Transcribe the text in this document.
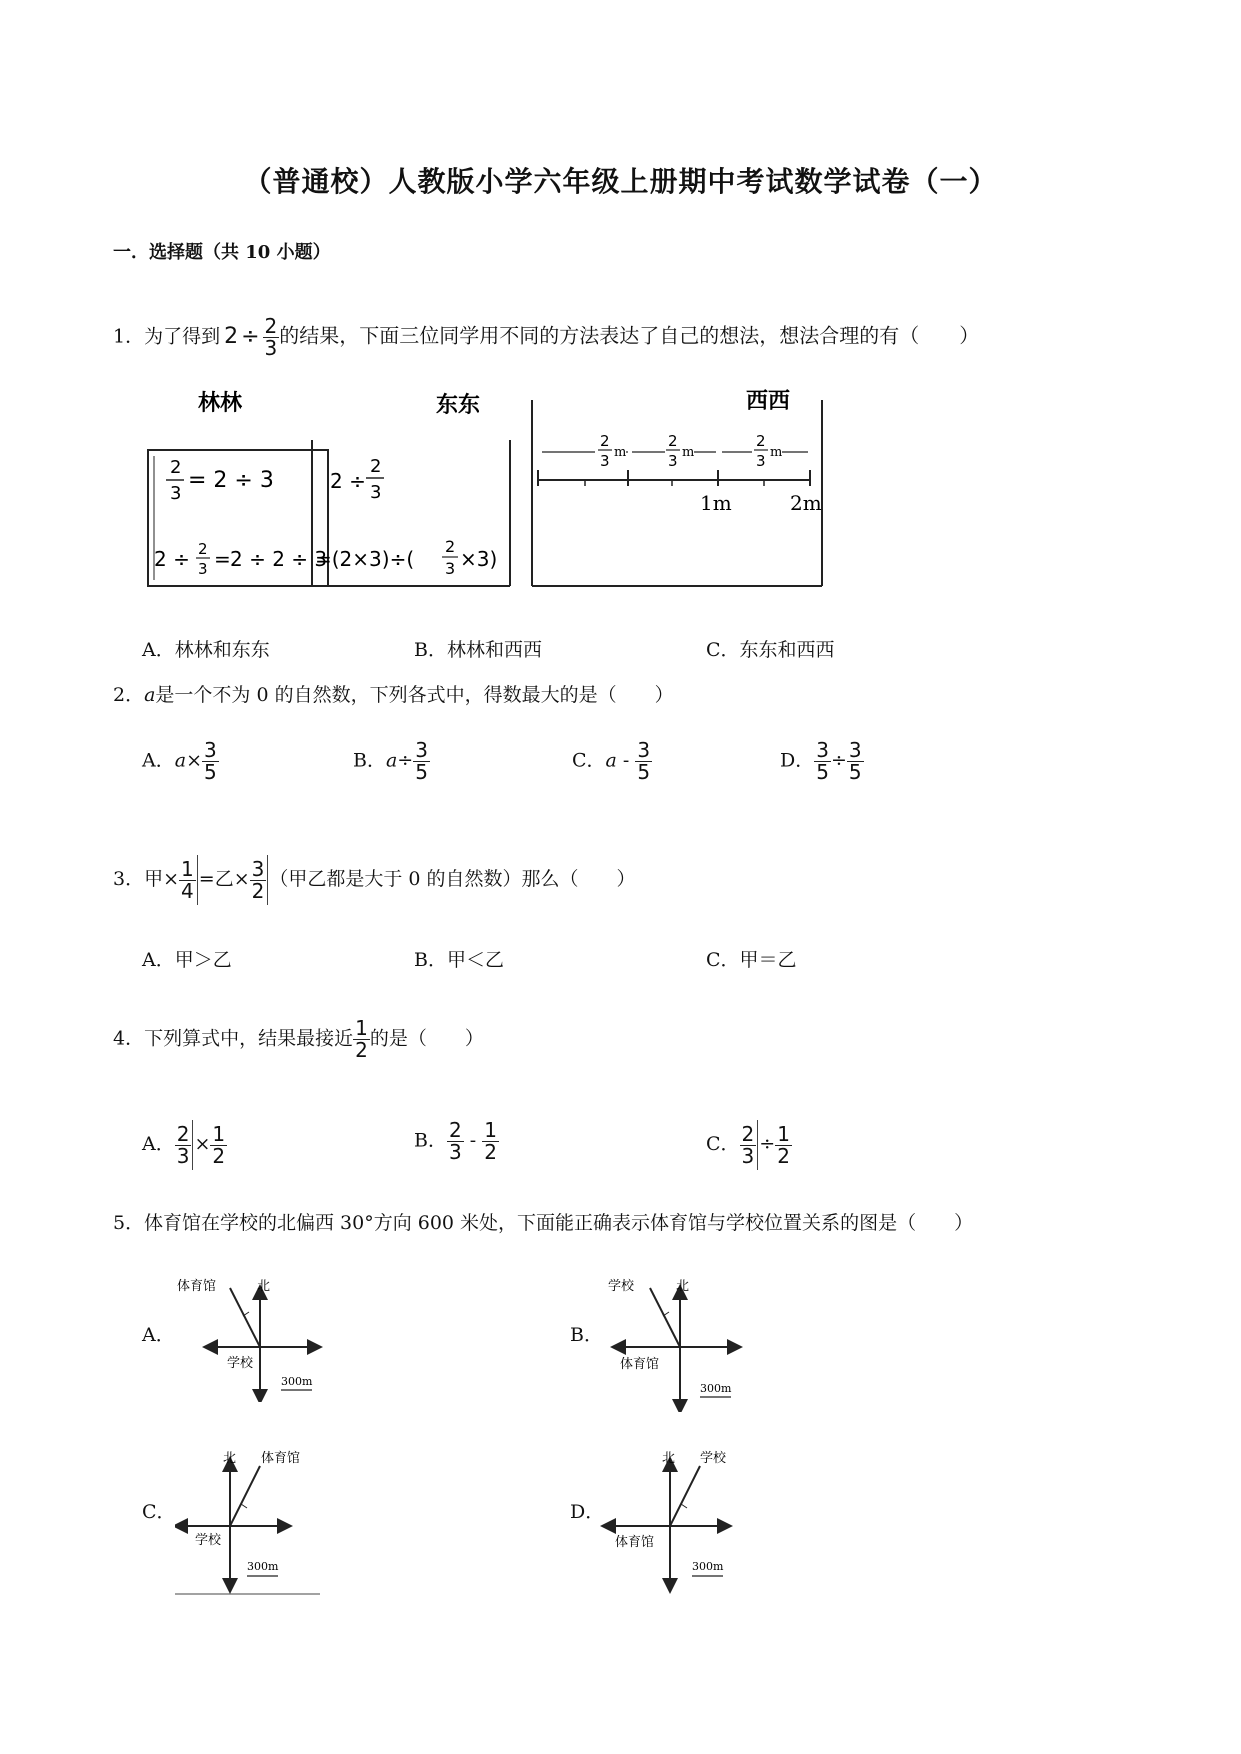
（普通校）人教版小学六年级上册期中考试数学试卷（一）
一．选择题（共 10 小题）
1．为了得到 $2 \div \frac{2}{3}$ 的结果，下面三位同学用不同的方法表达了自己的想法，想法合理的有（　　）
林林	东东	西西
2
3
= 2 ÷ 3
2 ÷ 2
3 = 2 ÷ 2 ÷ 3
2 ÷
2
3
=(2×3)÷(
2
3 ×3)
2
3 m
2
3 m
2
3 m
1m	2m
A．林林和东东	B．林林和西西	C．东东和西西
2．a是一个不为 0 的自然数，下列各式中，得数最大的是（　　）
A．$a\times \frac{3}{5}$	B．$a\div \frac{3}{5}$	C．a - $\frac{3}{5}$	D． $\frac{3}{5} \div \frac{3}{5}$
3．甲× $\frac{1}{4}$ =乙× $\frac{3}{2}$ （甲乙都是大于 0 的自然数）那么（　　）
A．甲＞乙	B．甲＜乙	C．甲＝乙
4．下列算式中，结果最接近 $\frac{1}{2}$ 的是（　　）
A． $\frac{2}{3} \times \frac{1}{2}$	B． $\frac{2}{3} - \frac{1}{2}$	C． $\frac{2}{3} \div \frac{1}{2}$
体育馆在学校的北偏西 30°方向 600 米处，下面能正确表示体育馆与学校位置关系的图是（　　）
5．
A．	B．
C．	D．
体育馆	北
学校
300m
学校	北
体育馆
300m
北 体育馆
学校
300m
北 学校
体育馆
300m
